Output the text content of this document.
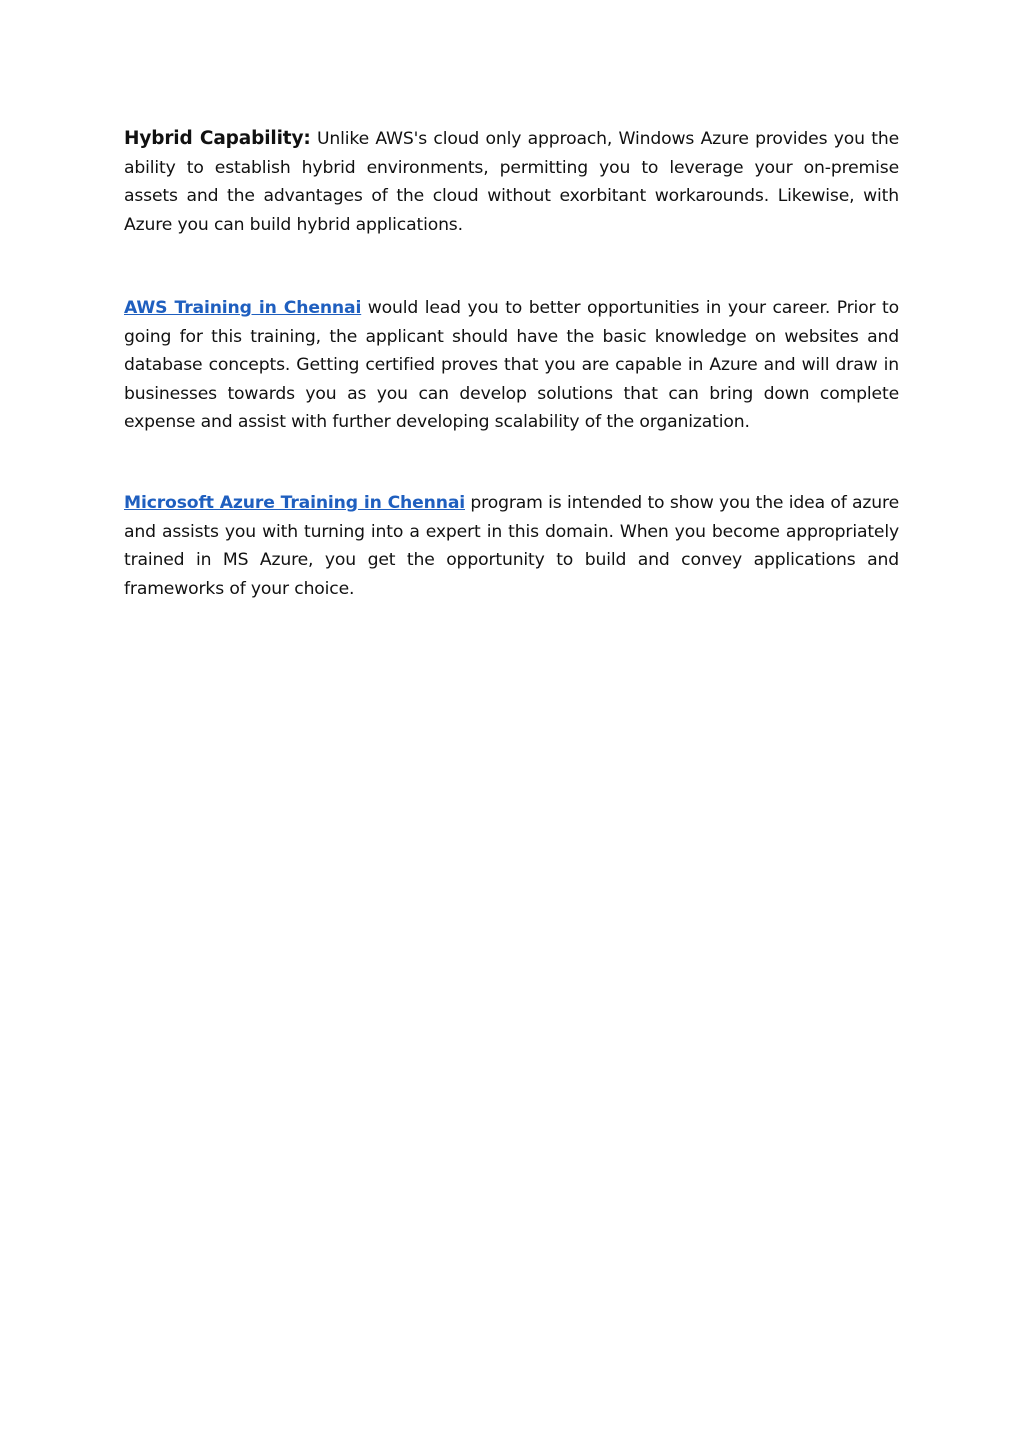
Hybrid Capability: Unlike AWS's cloud only approach, Windows Azure provides you the ability to establish hybrid environments, permitting you to leverage your on-premise assets and the advantages of the cloud without exorbitant workarounds. Likewise, with Azure you can build hybrid applications.

AWS Training in Chennai would lead you to better opportunities in your career. Prior to going for this training, the applicant should have the basic knowledge on websites and database concepts. Getting certified proves that you are capable in Azure and will draw in businesses towards you as you can develop solutions that can bring down complete expense and assist with further developing scalability of the organization.

Microsoft Azure Training in Chennai program is intended to show you the idea of azure and assists you with turning into a expert in this domain. When you become appropriately trained in MS Azure, you get the opportunity to build and convey applications and frameworks of your choice.
